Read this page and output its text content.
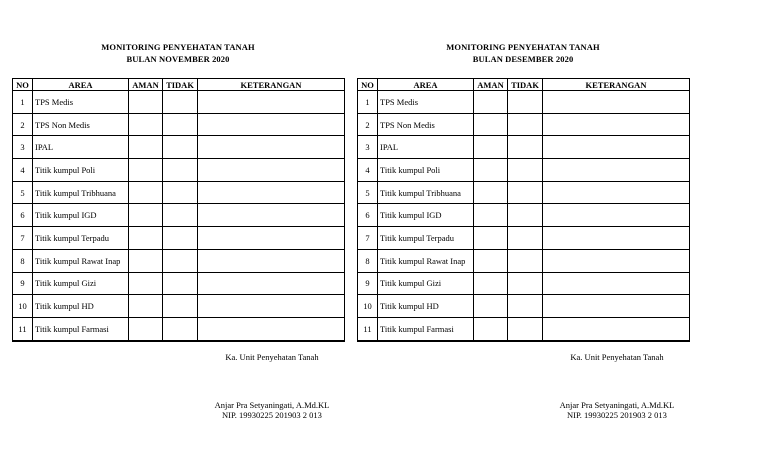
MONITORING PENYEHATAN TANAH
BULAN NOVEMBER 2020
NO	AREA	AMAN	TIDAK	KETERANGAN
1	TPS Medis			
2	TPS Non Medis			
3	IPAL			
4	Titik kumpul Poli			
5	Titik kumpul Tribhuana			
6	Titik kumpul IGD			
7	Titik kumpul Terpadu			
8	Titik kumpul Rawat Inap			
9	Titik kumpul Gizi			
10	Titik kumpul HD			
11	Titik kumpul Farmasi			
Ka. Unit Penyehatan Tanah
Anjar Pra Setyaningati, A.Md.KL
NIP. 19930225 201903 2 013
MONITORING PENYEHATAN TANAH
BULAN DESEMBER 2020
NO	AREA	AMAN	TIDAK	KETERANGAN
1	TPS Medis			
2	TPS Non Medis			
3	IPAL			
4	Titik kumpul Poli			
5	Titik kumpul Tribhuana			
6	Titik kumpul IGD			
7	Titik kumpul Terpadu			
8	Titik kumpul Rawat Inap			
9	Titik kumpul Gizi			
10	Titik kumpul HD			
11	Titik kumpul Farmasi			
Ka. Unit Penyehatan Tanah
Anjar Pra Setyaningati, A.Md.KL
NIP. 19930225 201903 2 013
